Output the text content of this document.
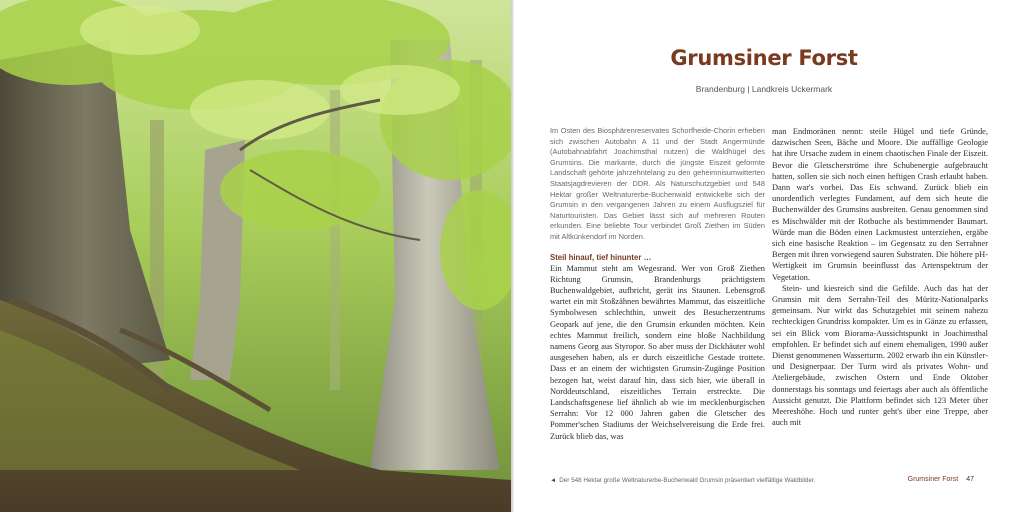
Grumsiner Forst
Brandenburg | Landkreis Uckermark

Im Osten des Biosphärenreservates Schorfheide-Chorin erheben sich zwischen Autobahn A 11 und der Stadt Angermünde (Autobahnabfahrt Joachimsthal nutzen) die Waldhügel des Grumsins. Die markante, durch die jüngste Eiszeit geformte Landschaft gehörte jahrzehntelang zu den geheimnisumwitterten Staatsjagdrevieren der DDR. Als Naturschutzgebiet und 548 Hektar großer Weltnaturerbe-Buchenwald entwickelte sich der Grumsin in den vergangenen Jahren zu einem Ausflugsziel für Naturtouristen. Das Gebiet lässt sich auf mehreren Routen erkunden. Eine beliebte Tour verbindet Groß Ziethen im Süden mit Altkünkendorf im Norden.

Steil hinauf, tief hinunter …

Ein Mammut steht am Wegesrand. Wer von Groß Ziethen Richtung Grumsin, Brandenburgs prächtigstem Buchenwaldgebiet, aufbricht, gerät ins Staunen. Lebensgroß wartet ein mit Stoßzähnen bewährtes Mammut, das eiszeitliche Symbolwesen schlechthin, unweit des Besucherzentrums Geopark auf jene, die den Grumsin erkunden möchten. Kein echtes Mammut freilich, sondern eine bloße Nachbildung namens Georg aus Styropor. So aber muss der Dickhäuter wohl ausgesehen haben, als er durch eiszeitliche Gestade trottete. Dass er an einem der wichtigsten Grumsin-Zugänge Position bezogen hat, weist darauf hin, dass sich hier, wie überall in Norddeutschland, eiszeitliches Terrain erstreckte. Die Landschaftsgenese lief ähnlich ab wie im mecklenburgischen Serrahn: Vor 12 000 Jahren gaben die Gletscher des Pommer'schen Stadiums der Weichselvereisung die Erde frei. Zurück blieb das, was

man Endmoränen nennt: steile Hügel und tiefe Gründe, dazwischen Seen, Bäche und Moore. Die auffällige Geologie hat ihre Ursache zudem in einem chaotischen Finale der Eiszeit. Bevor die Gletscherströme ihre Schubenergie aufgebraucht hatten, sollen sie sich noch einen heftigen Crash erlaubt haben. Dann war's vorbei. Das Eis schwand. Zurück blieb ein unordentlich verlegtes Fundament, auf dem sich heute die Buchenwälder des Grumsins ausbreiten. Genau genommen sind es Mischwälder mit der Rotbuche als bestimmender Baumart. Würde man die Böden einen Lackmustest unterziehen, ergäbe sich eine basische Reaktion – im Gegensatz zu den Serrahner Bergen mit ihren vorwiegend sauren Substraten. Die höhere pH-Wertigkeit im Grumsin beeinflusst das Artenspektrum der Vegetation.

Stein- und kiesreich sind die Gefilde. Auch das hat der Grumsin mit dem Serrahn-Teil des Müritz-Nationalparks gemeinsam. Nur wirkt das Schutzgebiet mit seinem nahezu rechteckigen Grundriss kompakter. Um es in Gänze zu erfassen, sei ein Blick vom Biorama-Aussichtspunkt in Joachimsthal empfohlen. Er befindet sich auf einem ehemaligen, 1990 außer Dienst genommenen Wasserturm. 2002 erwarb ihn ein Künstler- und Designerpaar. Der Turm wird als privates Wohn- und Ateliergebäude, zwischen Ostern und Ende Oktober donnerstags bis sonntags und feiertags aber auch als öffentliche Aussicht genutzt. Die Plattform befindet sich 123 Meter über Meereshöhe. Hoch und runter geht's über eine Treppe, aber auch mit

◄ Der 548 Hektar große Weltnaturerbe-Buchenwald Grumsin präsentiert vielfältige Waldbilder.	Grumsiner Forst 47
